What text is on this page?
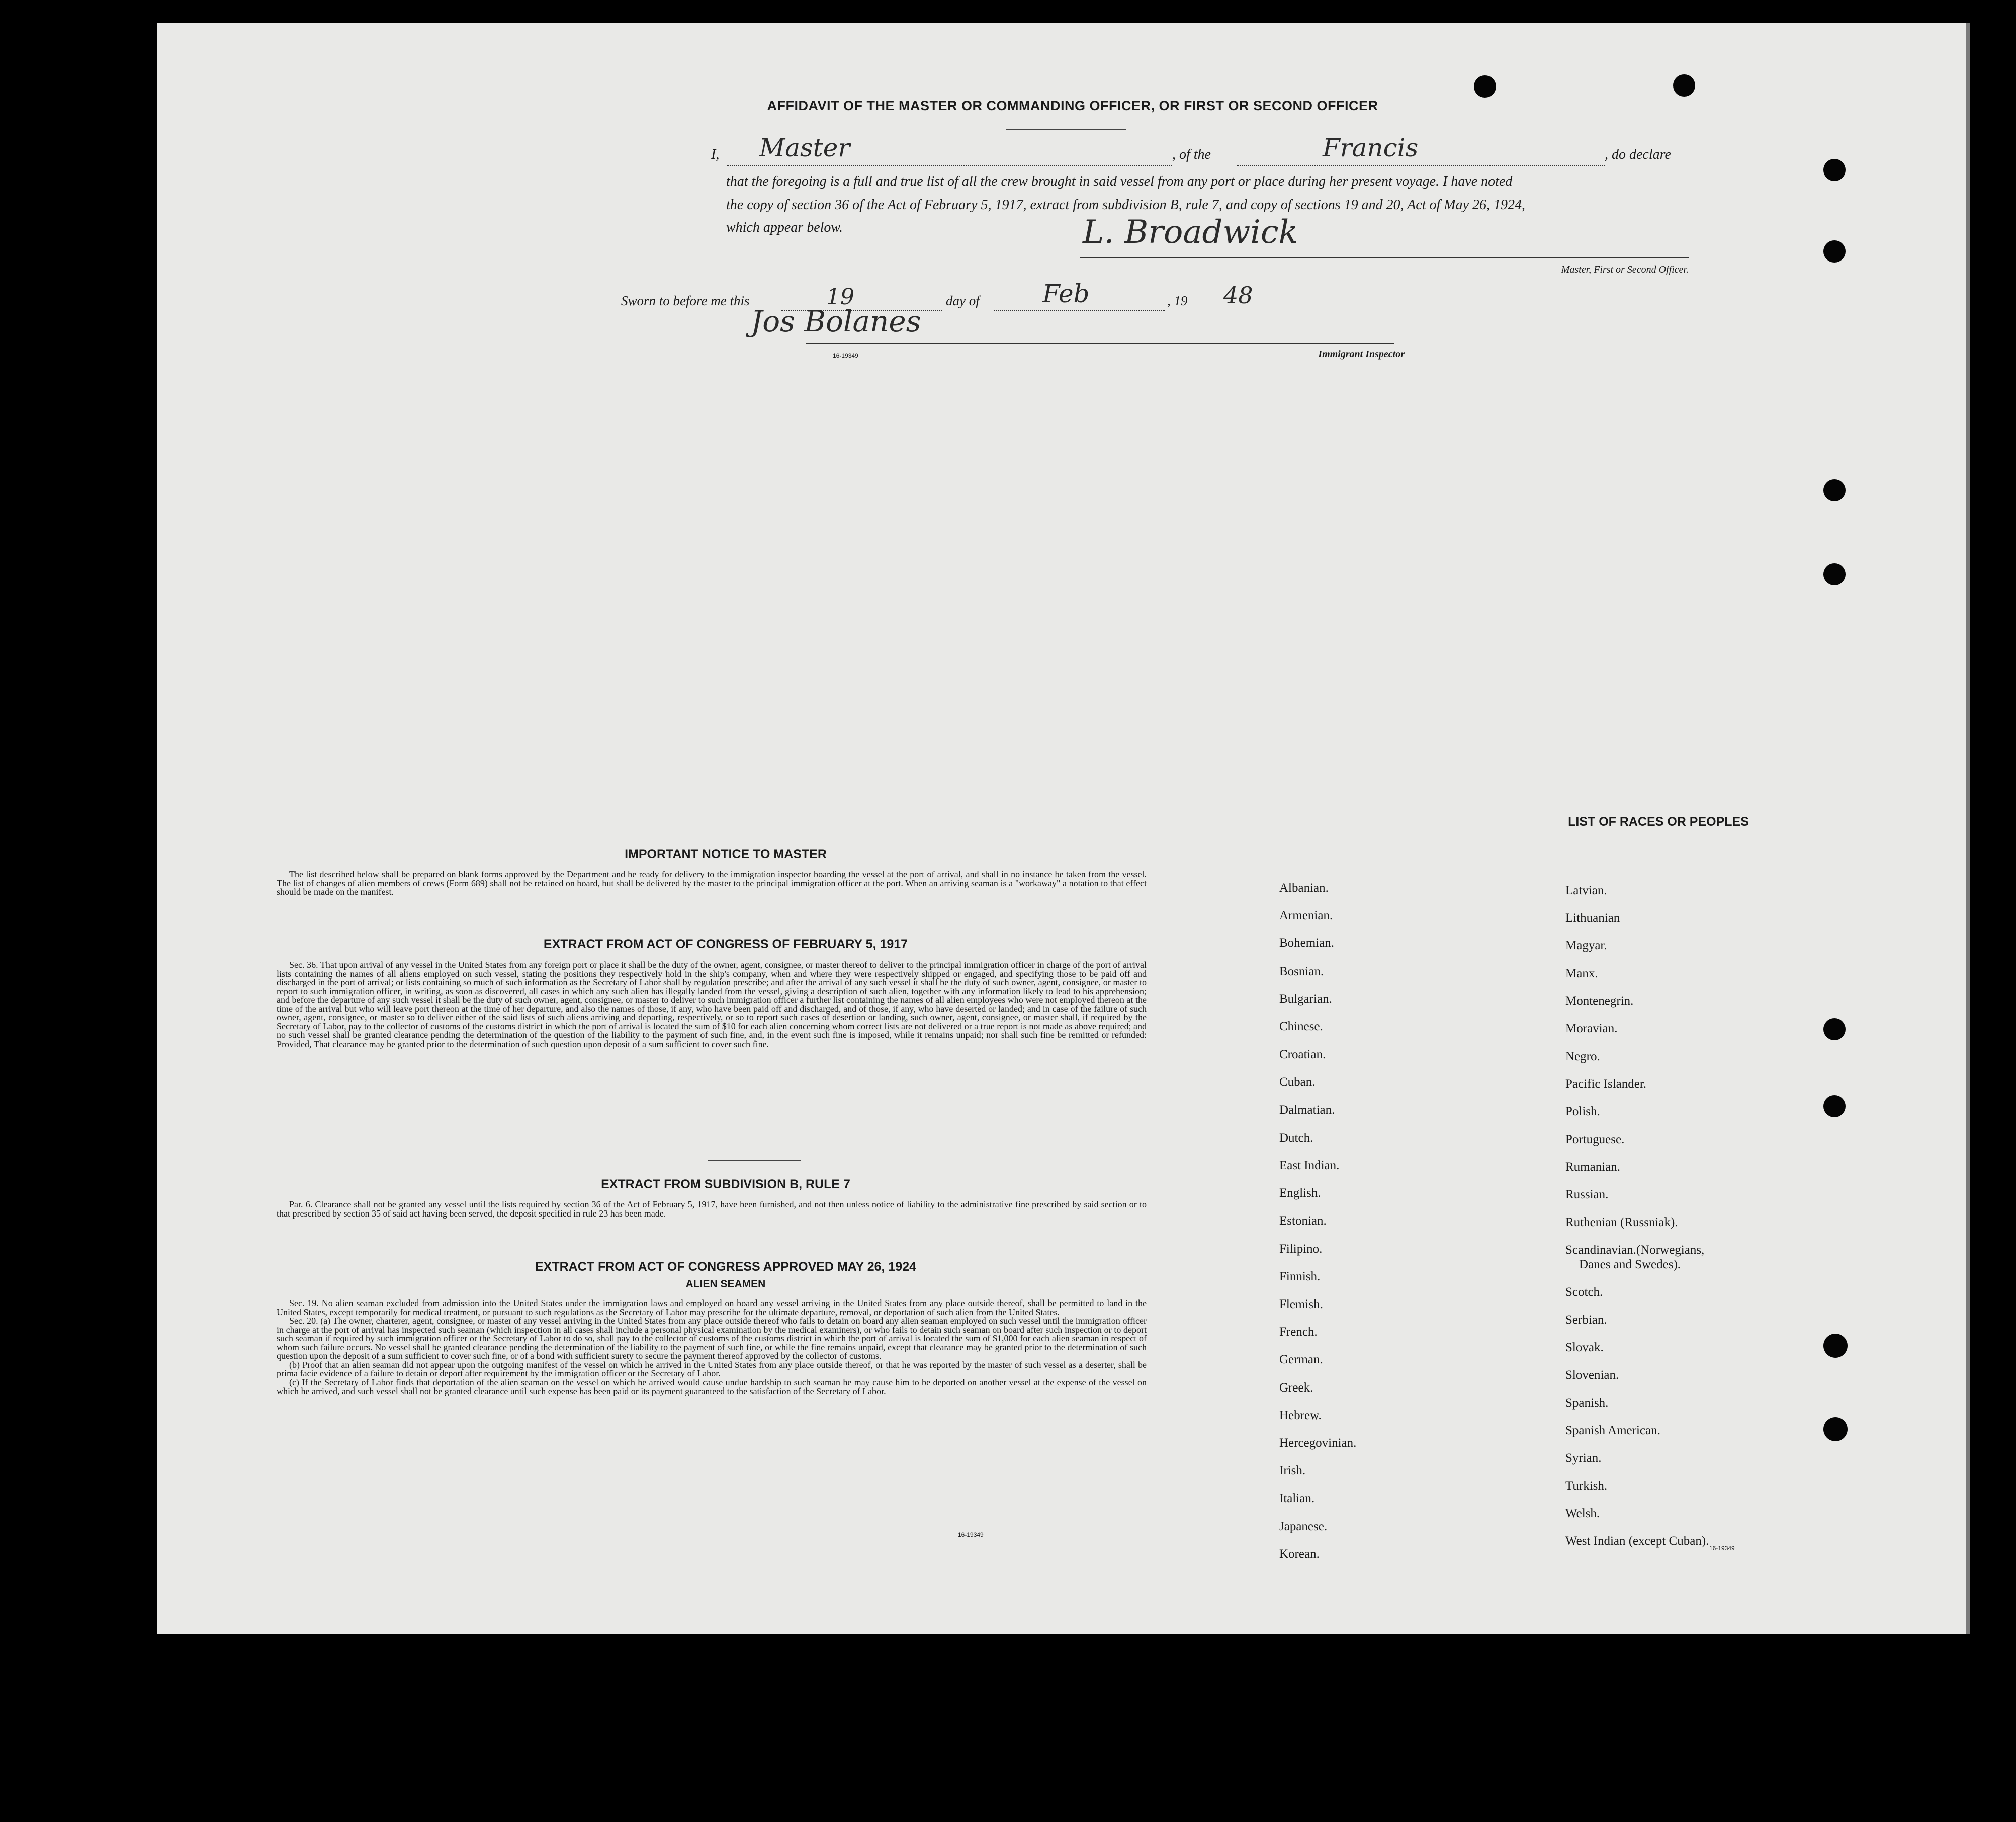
AFFIDAVIT OF THE MASTER OR COMMANDING OFFICER, OR FIRST OR SECOND OFFICER
I, Master	, of the	Francis	, do declare
that the foregoing is a full and true list of all the crew brought in said vessel from any port or place during her present voyage. I have noted
the copy of section 36 of the Act of February 5, 1917, extract from subdivision B, rule 7, and copy of sections 19 and 20, Act of May 26, 1924,
which appear below.	L. Broadwick
Master, First or Second Officer.
Sworn to before me this	19	day of	Feb	, 19 48
Jos Bolanes
16-19349	Immigrant Inspector
IMPORTANT NOTICE TO MASTER

The list described below shall be prepared on blank forms approved by the Department and be ready for delivery to the immigration inspector boarding the vessel at the port of arrival, and shall in no instance be taken from the vessel. The list of changes of alien members of crews (Form 689) shall not be retained on board, but shall be delivered by the master to the principal immigration officer at the port. When an arriving seaman is a "workaway" a notation to that effect should be made on the manifest.

EXTRACT FROM ACT OF CONGRESS OF FEBRUARY 5, 1917

Sec. 36. That upon arrival of any vessel in the United States from any foreign port or place it shall be the duty of the owner, agent, consignee, or master thereof to deliver to the principal immigration officer in charge of the port of arrival lists containing the names of all aliens employed on such vessel, stating the positions they respectively hold in the ship's company, when and where they were respectively shipped or engaged, and specifying those to be paid off and discharged in the port of arrival; or lists containing so much of such information as the Secretary of Labor shall by regulation prescribe; and after the arrival of any such vessel it shall be the duty of such owner, agent, consignee, or master to report to such immigration officer, in writing, as soon as discovered, all cases in which any such alien has illegally landed from the vessel, giving a description of such alien, together with any information likely to lead to his apprehension; and before the departure of any such vessel it shall be the duty of such owner, agent, consignee, or master to deliver to such immigration officer a further list containing the names of all alien employees who were not employed thereon at the time of the arrival but who will leave port thereon at the time of her departure, and also the names of those, if any, who have been paid off and discharged, and of those, if any, who have deserted or landed; and in case of the failure of such owner, agent, consignee, or master so to deliver either of the said lists of such aliens arriving and departing, respectively, or so to report such cases of desertion or landing, such owner, agent, consignee, or master shall, if required by the Secretary of Labor, pay to the collector of customs of the customs district in which the port of arrival is located the sum of $10 for each alien concerning whom correct lists are not delivered or a true report is not made as above required; and no such vessel shall be granted clearance pending the determination of the question of the liability to the payment of such fine, and, in the event such fine is imposed, while it remains unpaid; nor shall such fine be remitted or refunded: Provided, That clearance may be granted prior to the determination of such question upon deposit of a sum sufficient to cover such fine.

EXTRACT FROM SUBDIVISION B, RULE 7

Par. 6. Clearance shall not be granted any vessel until the lists required by section 36 of the Act of February 5, 1917, have been furnished, and not then unless notice of liability to the administrative fine prescribed by said section or to that prescribed by section 35 of said act having been served, the deposit specified in rule 23 has been made.

EXTRACT FROM ACT OF CONGRESS APPROVED MAY 26, 1924
ALIEN SEAMEN

Sec. 19. No alien seaman excluded from admission into the United States under the immigration laws and employed on board any vessel arriving in the United States from any place outside thereof, shall be permitted to land in the United States, except temporarily for medical treatment, or pursuant to such regulations as the Secretary of Labor may prescribe for the ultimate departure, removal, or deportation of such alien from the United States.

Sec. 20. (a) The owner, charterer, agent, consignee, or master of any vessel arriving in the United States from any place outside thereof who fails to detain on board any alien seaman employed on such vessel until the immigration officer in charge at the port of arrival has inspected such seaman (which inspection in all cases shall include a personal physical examination by the medical examiners), or who fails to detain such seaman on board after such inspection or to deport such seaman if required by such immigration officer or the Secretary of Labor to do so, shall pay to the collector of customs of the customs district in which the port of arrival is located the sum of $1,000 for each alien seaman in respect of whom such failure occurs. No vessel shall be granted clearance pending the determination of the liability to the payment of such fine, or while the fine remains unpaid, except that clearance may be granted prior to the determination of such question upon the deposit of a sum sufficient to cover such fine, or of a bond with sufficient surety to secure the payment thereof approved by the collector of customs.

(b) Proof that an alien seaman did not appear upon the outgoing manifest of the vessel on which he arrived in the United States from any place outside thereof, or that he was reported by the master of such vessel as a deserter, shall be prima facie evidence of a failure to detain or deport after requirement by the immigration officer or the Secretary of Labor.

(c) If the Secretary of Labor finds that deportation of the alien seaman on the vessel on which he arrived would cause undue hardship to such seaman he may cause him to be deported on another vessel at the expense of the vessel on which he arrived, and such vessel shall not be granted clearance until such expense has been paid or its payment guaranteed to the satisfaction of the Secretary of Labor.

16-19349
LIST OF RACES OR PEOPLES
16-19349
Albanian.
Armenian.
Bohemian.
Bosnian.
Bulgarian.
Chinese.
Croatian.
Cuban.
Dalmatian.
Dutch.
East Indian.
English.
Estonian.
Filipino.
Finnish.
Flemish.
French.
German.
Greek.
Hebrew.
Hercegovinian.
Irish.
Italian.
Japanese.
Korean.
Latvian.
Lithuanian
Magyar.
Manx.
Montenegrin.
Moravian.
Negro.
Pacific Islander.
Polish.
Portuguese.
Rumanian.
Russian.
Ruthenian (Russniak).
Scandinavian.(Norwegians,
Danes and Swedes).
Scotch.
Serbian.
Slovak.
Slovenian.
Spanish.
Spanish American.
Syrian.
Turkish.
Welsh.
West Indian (except Cuban).
